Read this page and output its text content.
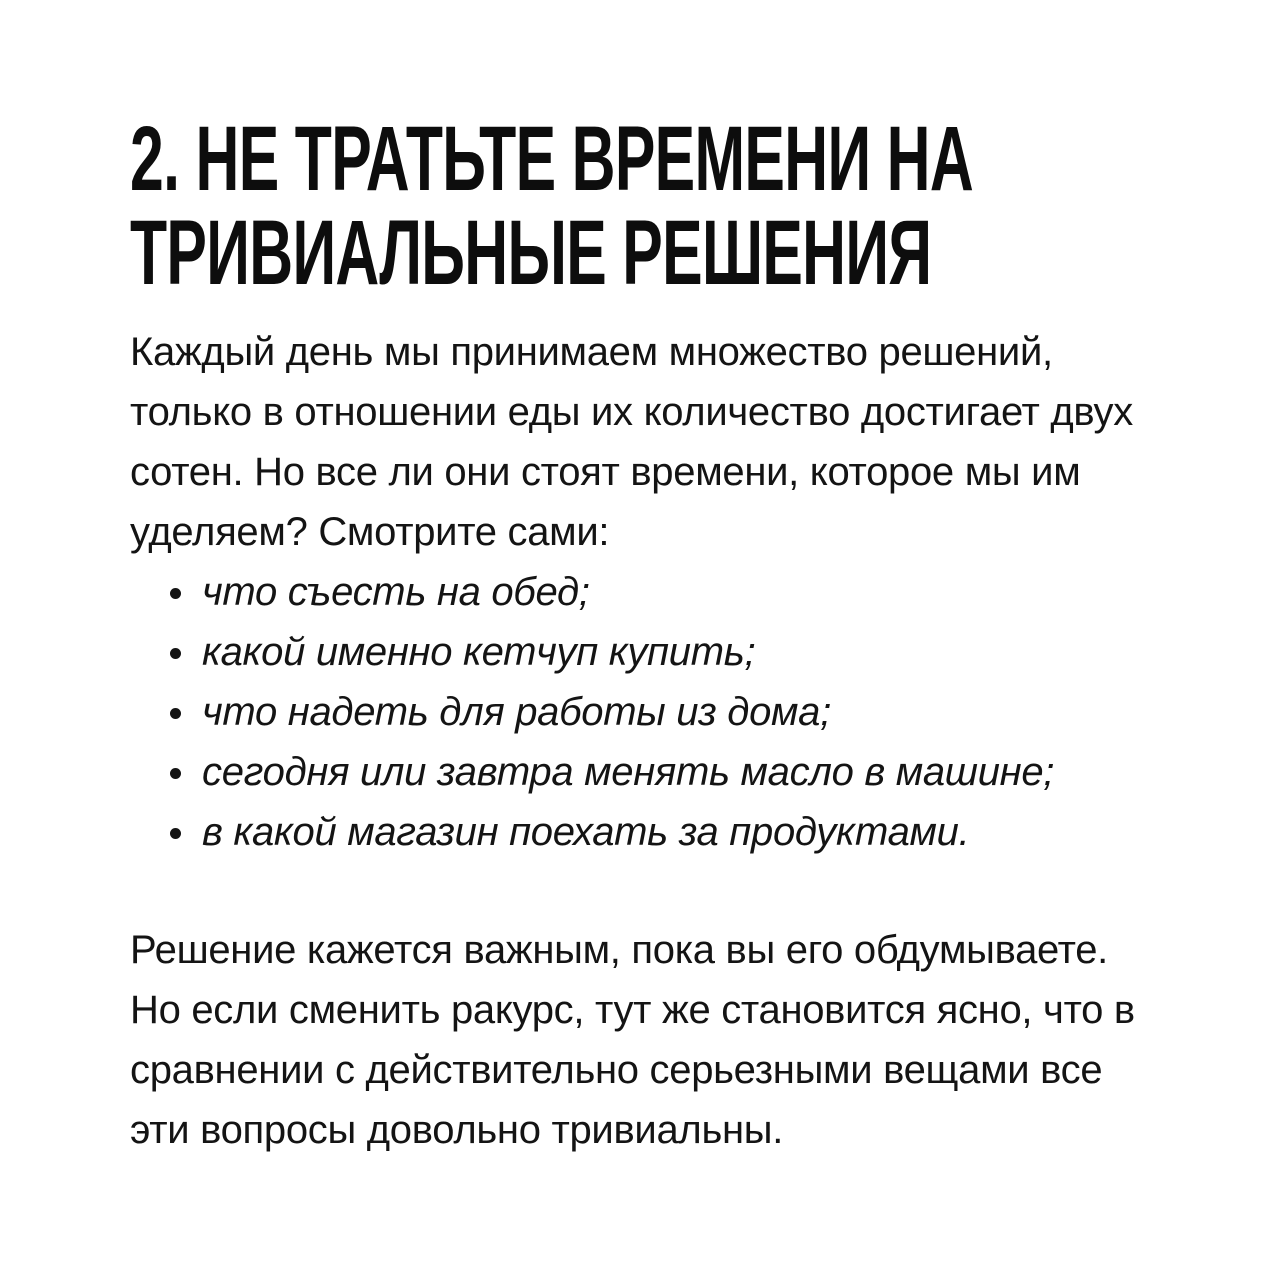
2. НЕ ТРАТЬТЕ ВРЕМЕНИ НА
ТРИВИАЛЬНЫЕ РЕШЕНИЯ

Каждый день мы принимаем множество решений,
только в отношении еды их количество достигает двух
сотен. Но все ли они стоят времени, которое мы им
уделяем? Смотрите сами:

что съесть на обед;
какой именно кетчуп купить;
что надеть для работы из дома;
сегодня или завтра менять масло в машине;
в какой магазин поехать за продуктами.

Решение кажется важным, пока вы его обдумываете.
Но если сменить ракурс, тут же становится ясно, что в
сравнении с действительно серьезными вещами все
эти вопросы довольно тривиальны.
